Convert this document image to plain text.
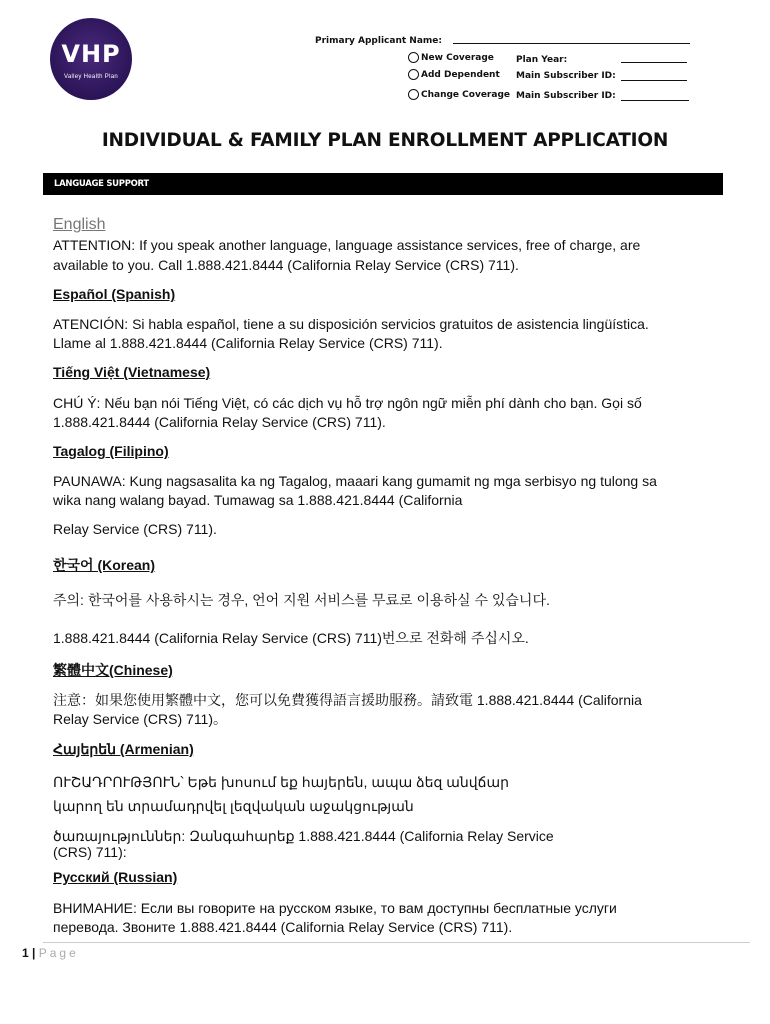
VHP
Valley Health Plan
Primary Applicant Name:
New Coverage
Add Dependent
Change Coverage
Plan Year:
Main Subscriber ID:
Main Subscriber ID:
INDIVIDUAL & FAMILY PLAN ENROLLMENT APPLICATION
LANGUAGE SUPPORT
English
ATTENTION: If you speak another language, language assistance services, free of charge, are
available to you. Call 1.888.421.8444 (California Relay Service (CRS) 711).
Español (Spanish)
ATENCIÓN: Si habla español, tiene a su disposición servicios gratuitos de asistencia lingüística.
Llame al 1.888.421.8444 (California Relay Service (CRS) 711).
Tiếng Việt (Vietnamese)
CHÚ Ý: Nếu bạn nói Tiếng Việt, có các dịch vụ hỗ trợ ngôn ngữ miễn phí dành cho bạn. Gọi số
1.888.421.8444 (California Relay Service (CRS) 711).
Tagalog (Filipino)
PAUNAWA: Kung nagsasalita ka ng Tagalog, maaari kang gumamit ng mga serbisyo ng tulong sa
wika nang walang bayad. Tumawag sa 1.888.421.8444 (California
Relay Service (CRS) 711).
한국어 (Korean)
주의: 한국어를 사용하시는 경우, 언어 지원 서비스를 무료로 이용하실 수 있습니다.
1.888.421.8444 (California Relay Service (CRS) 711)번으로 전화해 주십시오.
繁體中文(Chinese)
注意：如果您使用繁體中文，您可以免費獲得語言援助服務。請致電 1.888.421.8444 (California
Relay Service (CRS) 711)。
Հայերեն (Armenian)
ՈՒՇԱԴՐՈՒԹՅՈՒՆ՝ Եթե խոսում եք հայերեն, ապա ձեզ անվճար
կարող են տրամադրվել լեզվական աջակցության
ծառայություններ: Զանգահարեք 1.888.421.8444 (California Relay Service
(CRS) 711):
Русский (Russian)
ВНИМАНИЕ: Если вы говорите на русском языке, то вам доступны бесплатные услуги
перевода. Звоните 1.888.421.8444 (California Relay Service (CRS) 711).
1 | Page
